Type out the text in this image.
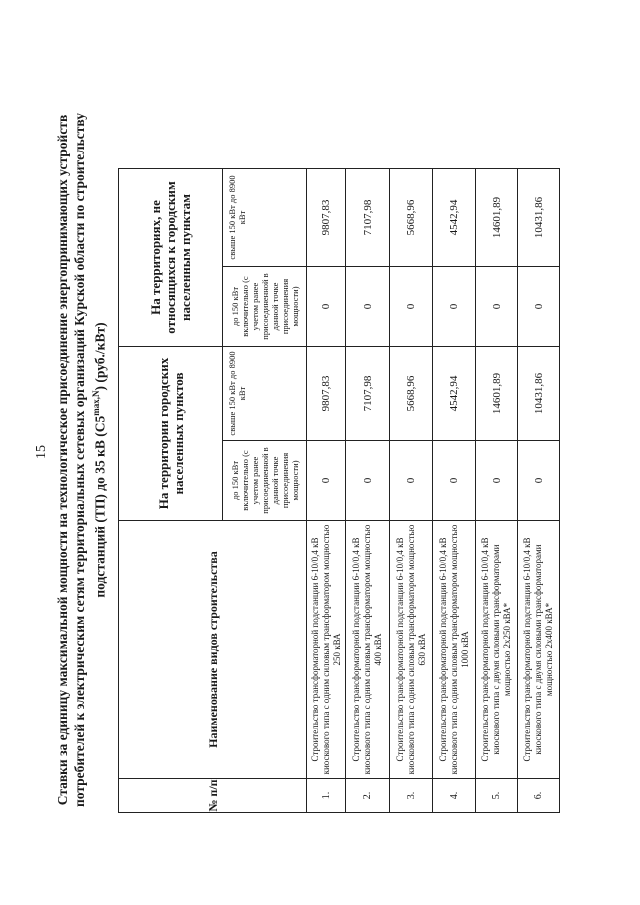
15 Ставки за единицу максимальной мощности на технологическое присоединение энергопринимающих устройств потребителей к электрическим сетям территориальных сетевых организаций Курской области по строительству подстанций (ТП) до 35 кВ $(С5^{max,N})$ (руб./кВт)
№ п/п	Наименование видов строительства	На территории городских населенных пунктов		На территориях, не относящихся к городским населенным пунктам	
		до 150 кВт включительно (с учетом ранее присоединенной в данной точке присоединения мощности)	свыше 150 кВт до 8900 кВт	до 150 кВт включительно (с учетом ранее присоединенной в данной точке присоединения мощности)	свыше 150 кВт до 8900 кВт
1.	Строительство трансформаторной подстанции 6-10/0,4 кВ киоскового типа с одним силовым трансформатором мощностью 250 кВА	0	9807,83	0	9807,83
2.	Строительство трансформаторной подстанции 6-10/0,4 кВ киоскового типа с одним силовым трансформатором мощностью 400 кВА	0	7107,98	0	7107,98
3.	Строительство трансформаторной подстанции 6-10/0,4 кВ киоскового типа с одним силовым трансформатором мощностью 630 кВА	0	5668,96	0	5668,96
4.	Строительство трансформаторной подстанции 6-10/0,4 кВ киоскового типа с одним силовым трансформатором мощностью 1000 кВА	0	4542,94	0	4542,94
5.	Строительство трансформаторной подстанции 6-10/0,4 кВ киоскового типа с двумя силовыми трансформаторами мощностью 2х250 кВА*	0	14601,89	0	14601,89
6.	Строительство трансформаторной подстанции 6-10/0,4 кВ киоскового типа с двумя силовыми трансформаторами мощностью 2х400 кВА*	0	10431,86	0	10431,86
